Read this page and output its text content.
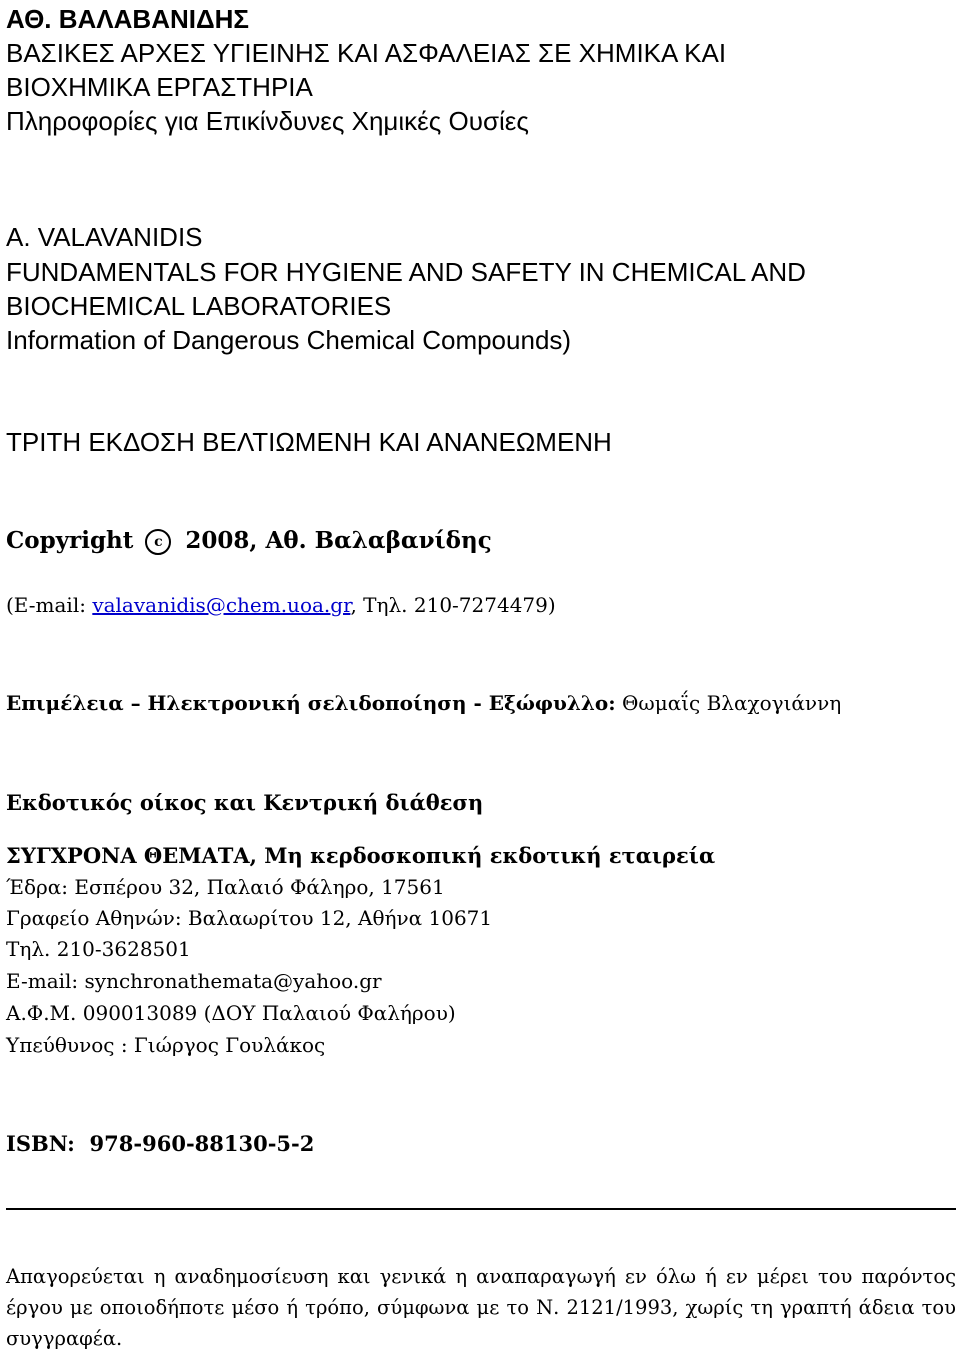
ΑΘ. ΒΑΛΑΒΑΝΙΔΗΣ
ΒΑΣΙΚΕΣ ΑΡΧΕΣ ΥΓΙΕΙΝΗΣ ΚΑΙ ΑΣΦΑΛΕΙΑΣ ΣΕ ΧΗΜΙΚΑ ΚΑΙ
ΒΙΟΧΗΜΙΚΑ ΕΡΓΑΣΤΗΡΙΑ
Πληροφορίες για Επικίνδυνες Χημικές Ουσίες
A. VALAVANIDIS
FUNDAMENTALS FOR HYGIENE AND SAFETY IN CHEMICAL AND
BIOCHEMICAL LABORATORIES
Information of Dangerous Chemical Compounds)
ΤΡΙΤΗ ΕΚΔΟΣΗ ΒΕΛΤΙΩΜΕΝΗ ΚΑΙ ΑΝΑΝΕΩΜΕΝΗ
Copyright c 2008, Αθ. Βαλαβανίδης
(E-mail: valavanidis@chem.uoa.gr, Τηλ. 210-7274479)
Επιμέλεια – Ηλεκτρονική σελιδοποίηση - Εξώφυλλο: Θωμαΐς Βλαχογιάννη
Εκδοτικός οίκος και Κεντρική διάθεση
ΣΥΓΧΡΟΝΑ ΘΕΜΑΤΑ, Μη κερδοσκοπική εκδοτική εταιρεία
Έδρα: Εσπέρου 32, Παλαιό Φάληρο, 17561
Γραφείο Αθηνών: Βαλαωρίτου 12, Αθήνα 10671
Τηλ. 210-3628501
E-mail: synchronathemata@yahoo.gr
Α.Φ.Μ. 090013089 (ΔΟΥ Παλαιού Φαλήρου)
Υπεύθυνος : Γιώργος Γουλάκος
ISBN:  978-960-88130-5-2
Απαγορεύεται η αναδημοσίευση και γενικά η αναπαραγωγή εν όλω ή εν μέρει του παρόντος έργου με οποιοδήποτε μέσο ή τρόπο, σύμφωνα με το Ν. 2121/1993, χωρίς τη γραπτή άδεια του συγγραφέα.
